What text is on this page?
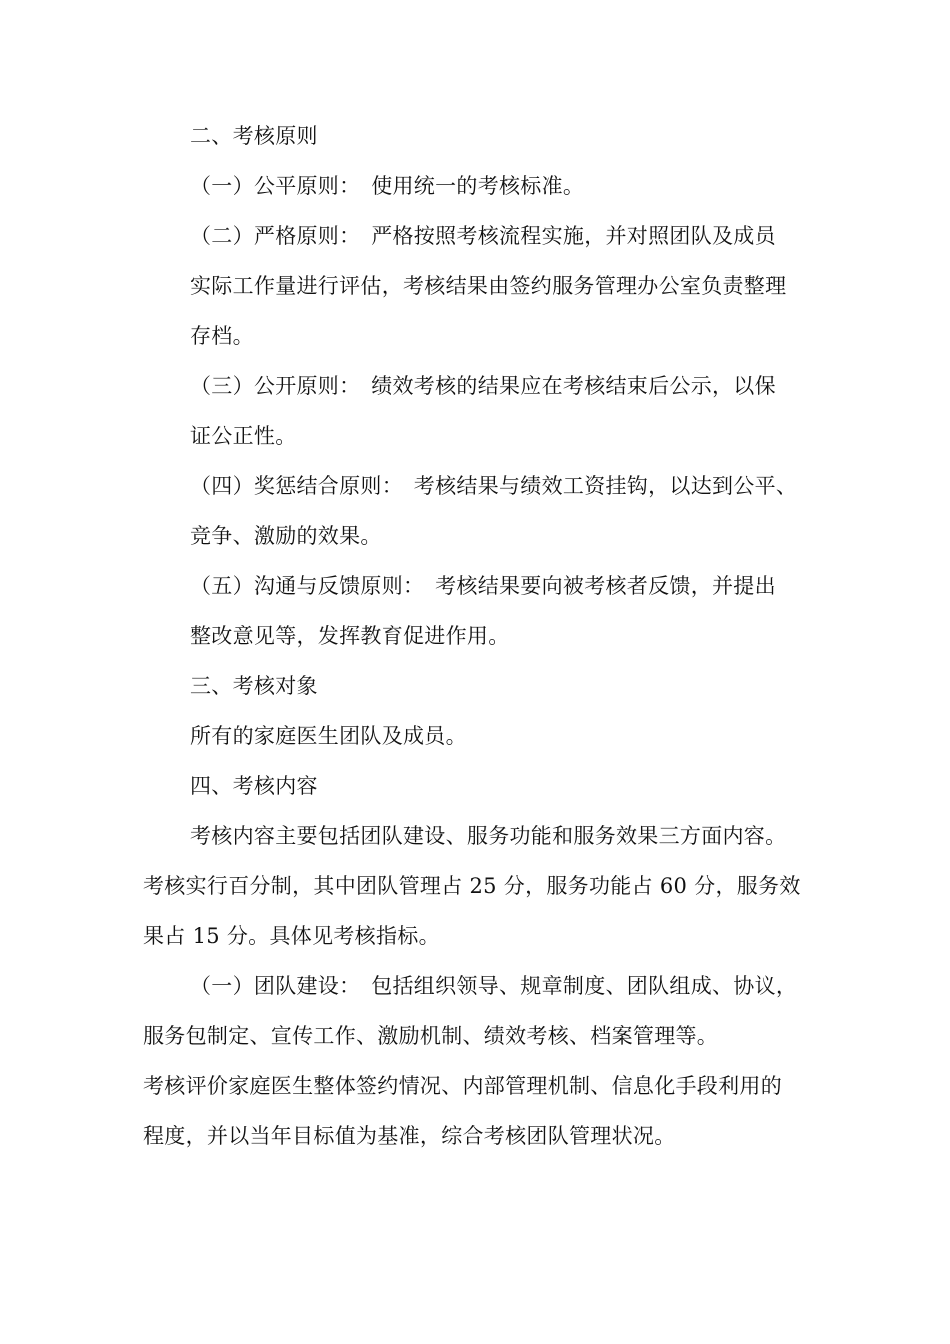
二、考核原则
（一）公平原则：　使用统一的考核标准。
（二）严格原则：　严格按照考核流程实施，并对照团队及成员
实际工作量进行评估，考核结果由签约服务管理办公室负责整理
存档。
（三）公开原则：　绩效考核的结果应在考核结束后公示，以保
证公正性。
（四）奖惩结合原则：　考核结果与绩效工资挂钩，以达到公平、
竞争、激励的效果。
（五）沟通与反馈原则：　考核结果要向被考核者反馈，并提出
整改意见等，发挥教育促进作用。
三、考核对象
所有的家庭医生团队及成员。
四、考核内容
考核内容主要包括团队建设、服务功能和服务效果三方面内容。
考核实行百分制，其中团队管理占 25 分，服务功能占 60 分，服务效
果占 15 分。具体见考核指标。
（一）团队建设：　包括组织领导、规章制度、团队组成、协议，
服务包制定、宣传工作、激励机制、绩效考核、档案管理等。
考核评价家庭医生整体签约情况、内部管理机制、信息化手段利用的
程度，并以当年目标值为基准，综合考核团队管理状况。
